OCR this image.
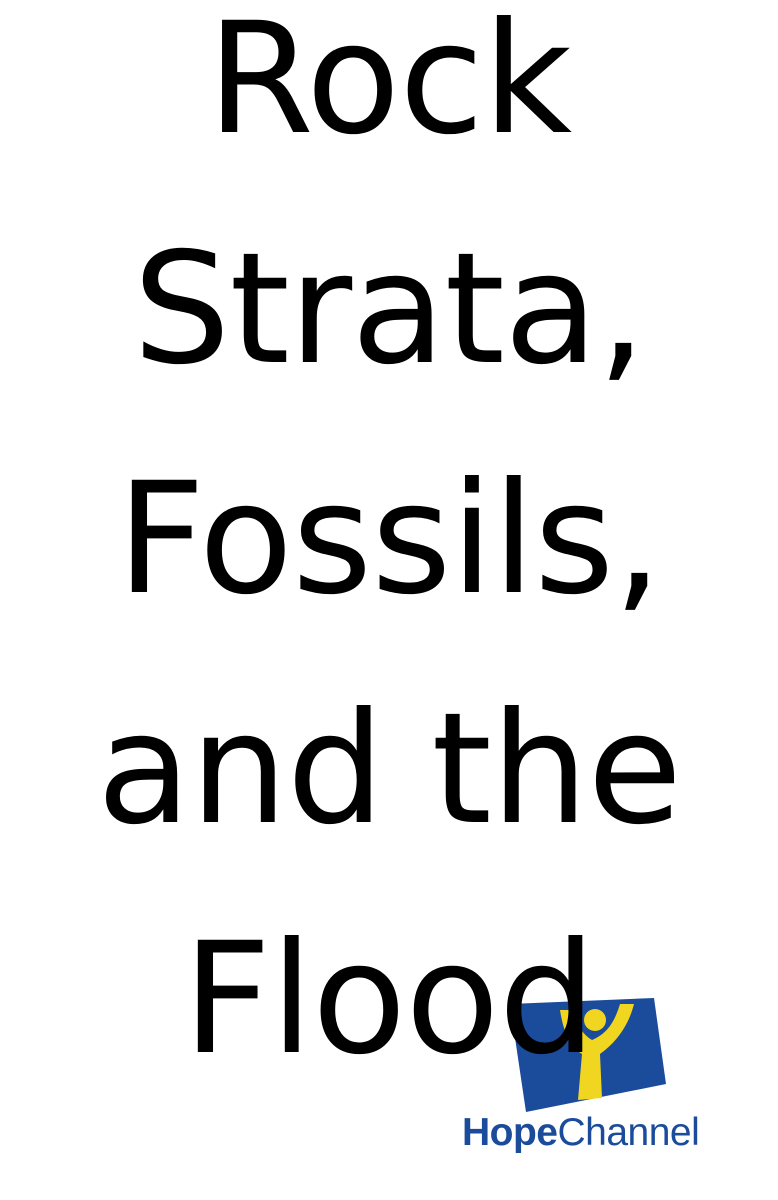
HopeChannel
Rock
Strata,
Fossils,
and the
Flood
